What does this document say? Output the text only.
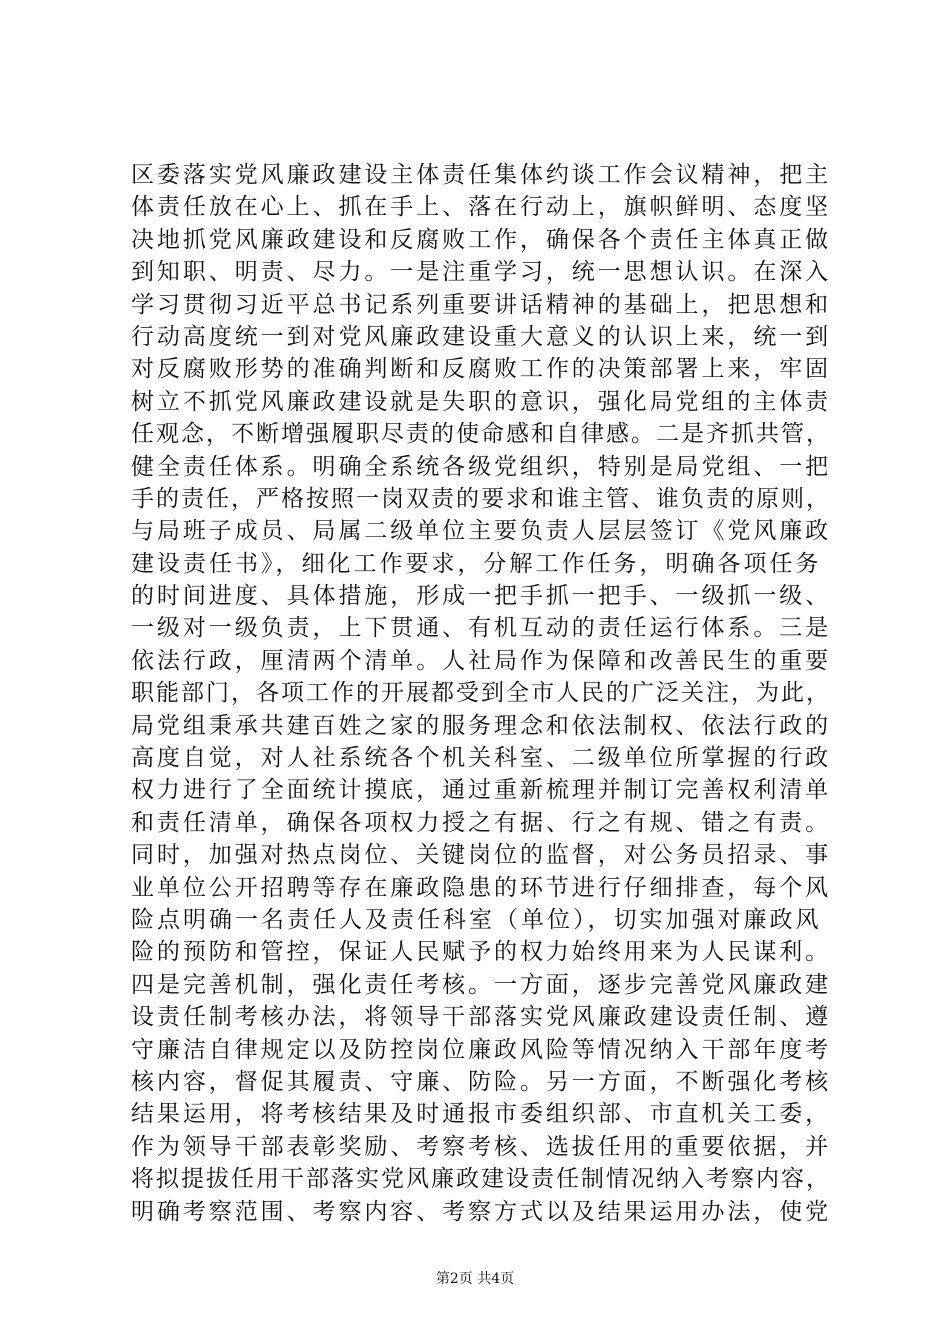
区委落实党风廉政建设主体责任集体约谈工作会议精神，把主
体责任放在心上、抓在手上、落在行动上，旗帜鲜明、态度坚
决地抓党风廉政建设和反腐败工作，确保各个责任主体真正做
到知职、明责、尽力。一是注重学习，统一思想认识。在深入
学习贯彻习近平总书记系列重要讲话精神的基础上，把思想和
行动高度统一到对党风廉政建设重大意义的认识上来，统一到
对反腐败形势的准确判断和反腐败工作的决策部署上来，牢固
树立不抓党风廉政建设就是失职的意识，强化局党组的主体责
任观念，不断增强履职尽责的使命感和自律感。二是齐抓共管，
健全责任体系。明确全系统各级党组织，特别是局党组、一把
手的责任，严格按照一岗双责的要求和谁主管、谁负责的原则，
与局班子成员、局属二级单位主要负责人层层签订《党风廉政
建设责任书》，细化工作要求，分解工作任务，明确各项任务
的时间进度、具体措施，形成一把手抓一把手、一级抓一级、
一级对一级负责，上下贯通、有机互动的责任运行体系。三是
依法行政，厘清两个清单。人社局作为保障和改善民生的重要
职能部门，各项工作的开展都受到全市人民的广泛关注，为此，
局党组秉承共建百姓之家的服务理念和依法制权、依法行政的
高度自觉，对人社系统各个机关科室、二级单位所掌握的行政
权力进行了全面统计摸底，通过重新梳理并制订完善权利清单
和责任清单，确保各项权力授之有据、行之有规、错之有责。
同时，加强对热点岗位、关键岗位的监督，对公务员招录、事
业单位公开招聘等存在廉政隐患的环节进行仔细排查，每个风
险点明确一名责任人及责任科室（单位），切实加强对廉政风
险的预防和管控，保证人民赋予的权力始终用来为人民谋利。
四是完善机制，强化责任考核。一方面，逐步完善党风廉政建
设责任制考核办法，将领导干部落实党风廉政建设责任制、遵
守廉洁自律规定以及防控岗位廉政风险等情况纳入干部年度考
核内容，督促其履责、守廉、防险。另一方面，不断强化考核
结果运用，将考核结果及时通报市委组织部、市直机关工委，
作为领导干部表彰奖励、考察考核、选拔任用的重要依据，并
将拟提拔任用干部落实党风廉政建设责任制情况纳入考察内容，
明确考察范围、考察内容、考察方式以及结果运用办法，使党
第2页 共4页
